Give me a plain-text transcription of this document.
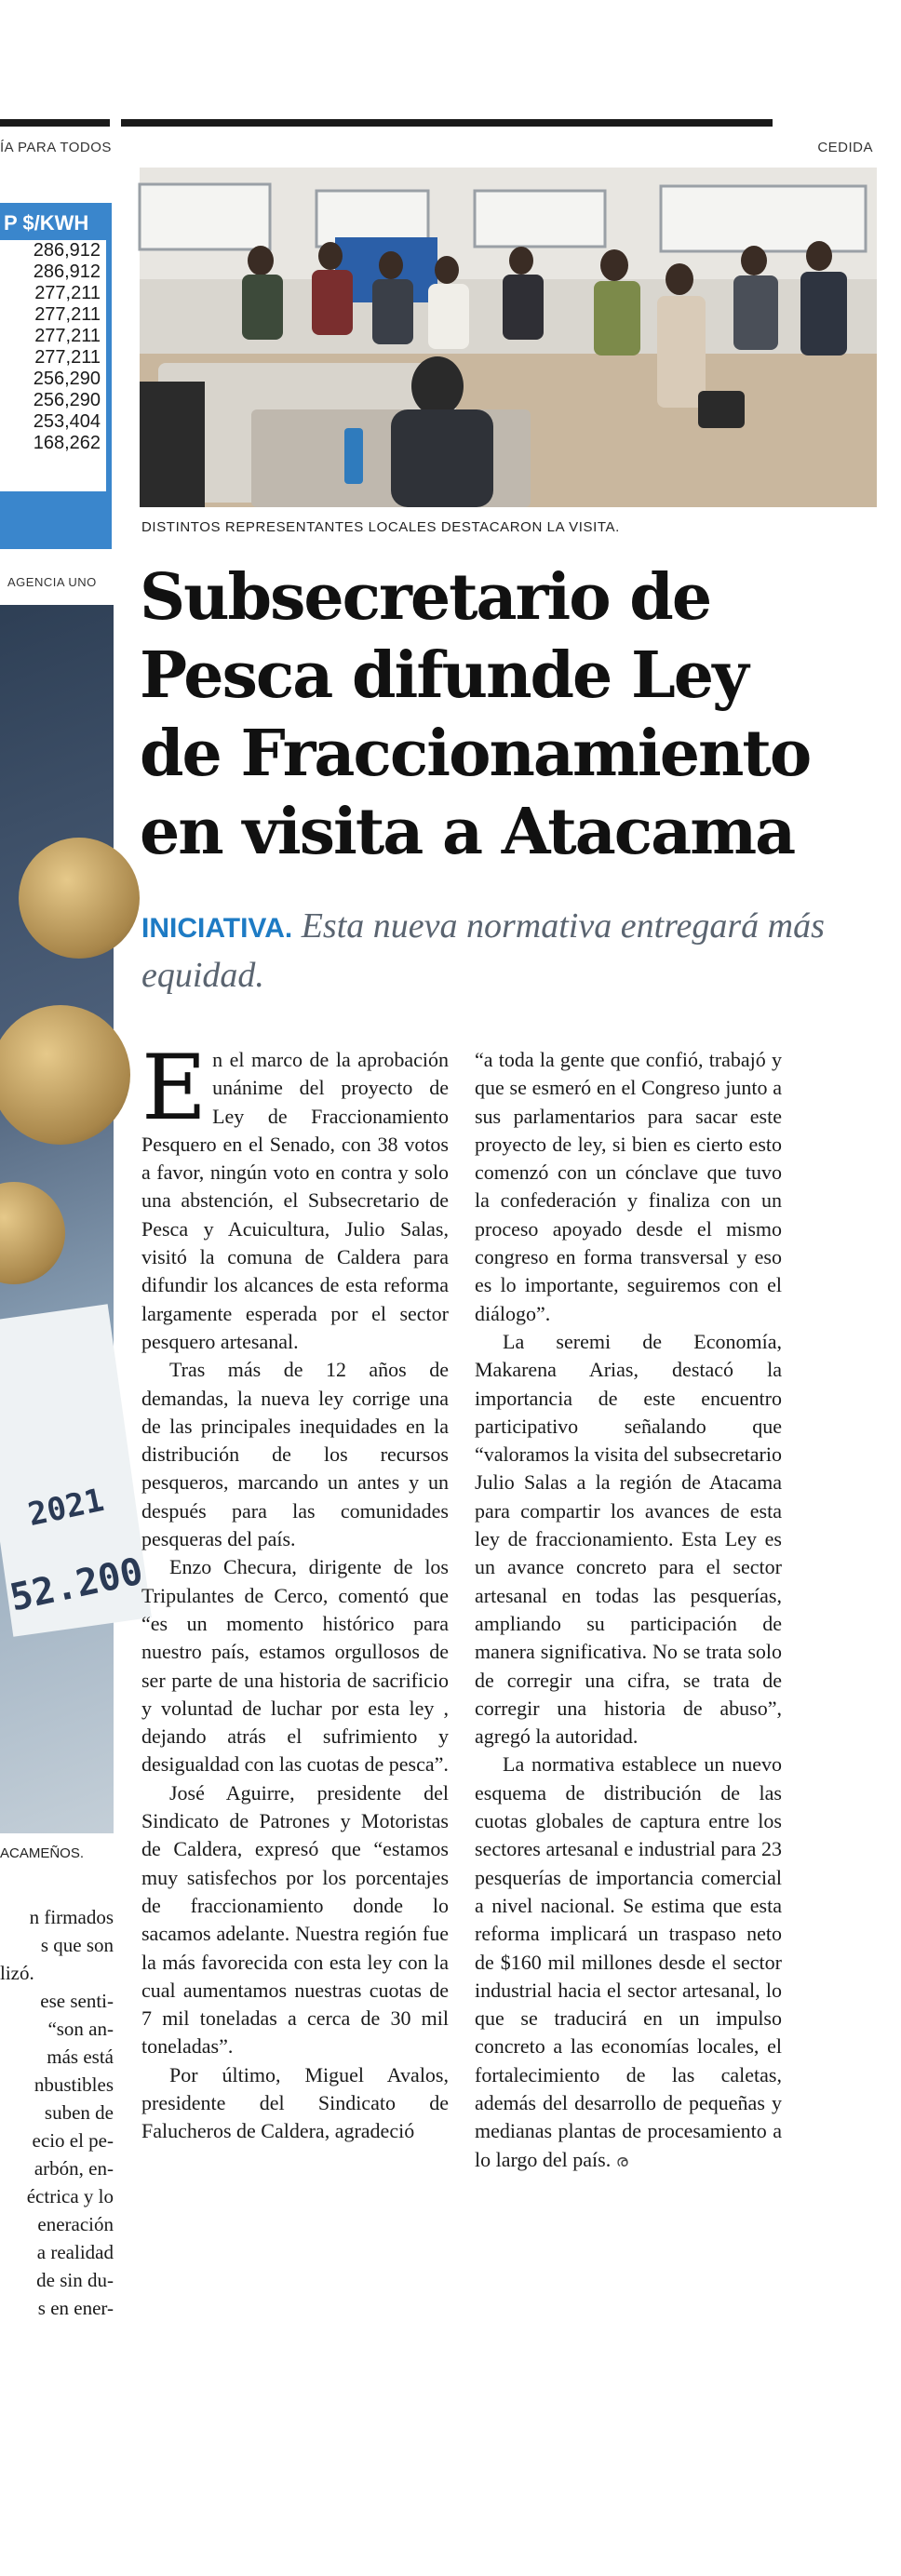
ÍA PARA TODOS
P $/KWH
286,912
286,912
277,211
277,211
277,211
277,211
256,290
256,290
253,404
168,262
AGENCIA UNO
2021
52.200
ACAMEÑOS.
n firmados
s que son
lizó.
ese senti-
“son an-
más está
nbustibles
suben de
ecio el pe-
arbón, en-
éctrica y lo
eneración
a realidad
de sin du-
s en ener-
CEDIDA
DISTINTOS REPRESENTANTES LOCALES DESTACARON LA VISITA.
Subsecretario de
Pesca difunde Ley
de Fraccionamiento
en visita a Atacama
INICIATIVA. Esta nueva normativa entregará más equidad.

En el marco de la aprobación unánime del proyecto de Ley de Fraccionamiento Pesquero en el Senado, con 38 votos a favor, ningún voto en contra y solo una abstención, el Subsecretario de Pesca y Acuicultura, Julio Salas, visitó la comuna de Caldera para difundir los alcances de esta reforma largamente esperada por el sector pesquero artesanal.

Tras más de 12 años de demandas, la nueva ley corrige una de las principales inequidades en la distribución de los recursos pesqueros, marcando un antes y un después para las comunidades pesqueras del país.

Enzo Checura, dirigente de los Tripulantes de Cerco, comentó que “es un momento histórico para nuestro país, estamos orgullosos de ser parte de una historia de sacrificio y voluntad de luchar por esta ley , dejando atrás el sufrimiento y desigualdad con las cuotas de pesca”.

José Aguirre, presidente del Sindicato de Patrones y Motoristas de Caldera, expresó que “estamos muy satisfechos por los porcentajes de fraccionamiento donde lo sacamos adelante. Nuestra región fue la más favorecida con esta ley con la cual aumentamos nuestras cuotas de 7 mil toneladas a cerca de 30 mil toneladas”.

Por último, Miguel Avalos, presidente del Sindicato de Falucheros de Caldera, agradeció

“a toda la gente que confió, trabajó y que se esmeró en el Congreso junto a sus parlamentarios para sacar este proyecto de ley, si bien es cierto esto comenzó con un cónclave que tuvo la confederación y finaliza con un proceso apoyado desde el mismo congreso en forma transversal y eso es lo importante, seguiremos con el diálogo”.

La seremi de Economía, Makarena Arias, destacó la importancia de este encuentro participativo señalando que “valoramos la visita del subsecretario Julio Salas a la región de Atacama para compartir los avances de esta ley de fraccionamiento. Esta Ley es un avance concreto para el sector artesanal en todas las pesquerías, ampliando su participación de manera significativa. No se trata solo de corregir una cifra, se trata de corregir una historia de abuso”, agregó la autoridad.

La normativa establece un nuevo esquema de distribución de las cuotas globales de captura entre los sectores artesanal e industrial para 23 pesquerías de importancia comercial a nivel nacional. Se estima que esta reforma implicará un traspaso neto de $160 mil millones desde el sector industrial hacia el sector artesanal, lo que se traducirá en un impulso concreto a las economías locales, el fortalecimiento de las caletas, además del desarrollo de pequeñas y medianas plantas de procesamiento a lo largo del país. ര
